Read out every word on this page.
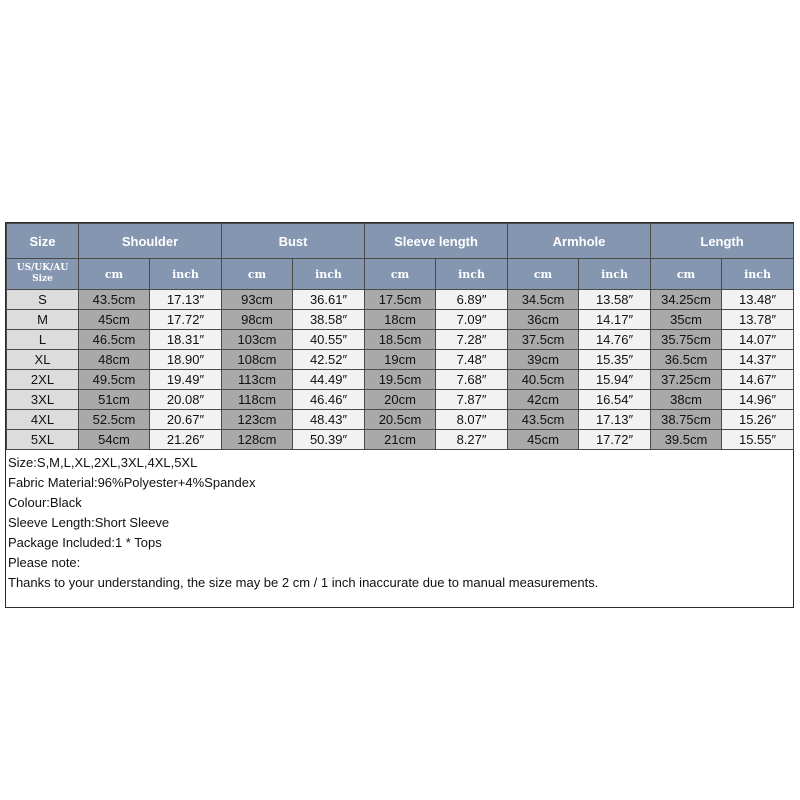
Size	Shoulder		Bust		Sleeve length		Armhole		Length	
US/UK/AU Size	cm	inch	cm	inch	cm	inch	cm	inch	cm	inch
S	43.5cm	17.13″	93cm	36.61″	17.5cm	6.89″	34.5cm	13.58″	34.25cm	13.48″
M	45cm	17.72″	98cm	38.58″	18cm	7.09″	36cm	14.17″	35cm	13.78″
L	46.5cm	18.31″	103cm	40.55″	18.5cm	7.28″	37.5cm	14.76″	35.75cm	14.07″
XL	48cm	18.90″	108cm	42.52″	19cm	7.48″	39cm	15.35″	36.5cm	14.37″
2XL	49.5cm	19.49″	113cm	44.49″	19.5cm	7.68″	40.5cm	15.94″	37.25cm	14.67″
3XL	51cm	20.08″	118cm	46.46″	20cm	7.87″	42cm	16.54″	38cm	14.96″
4XL	52.5cm	20.67″	123cm	48.43″	20.5cm	8.07″	43.5cm	17.13″	38.75cm	15.26″
5XL	54cm	21.26″	128cm	50.39″	21cm	8.27″	45cm	17.72″	39.5cm	15.55″
Size:S,M,L,XL,2XL,3XL,4XL,5XL
Fabric Material:96%Polyester+4%Spandex
Colour:Black
Sleeve Length:Short Sleeve
Package Included:1 * Tops
Please note:
Thanks to your understanding, the size may be 2 cm / 1 inch inaccurate due to manual measurements.
